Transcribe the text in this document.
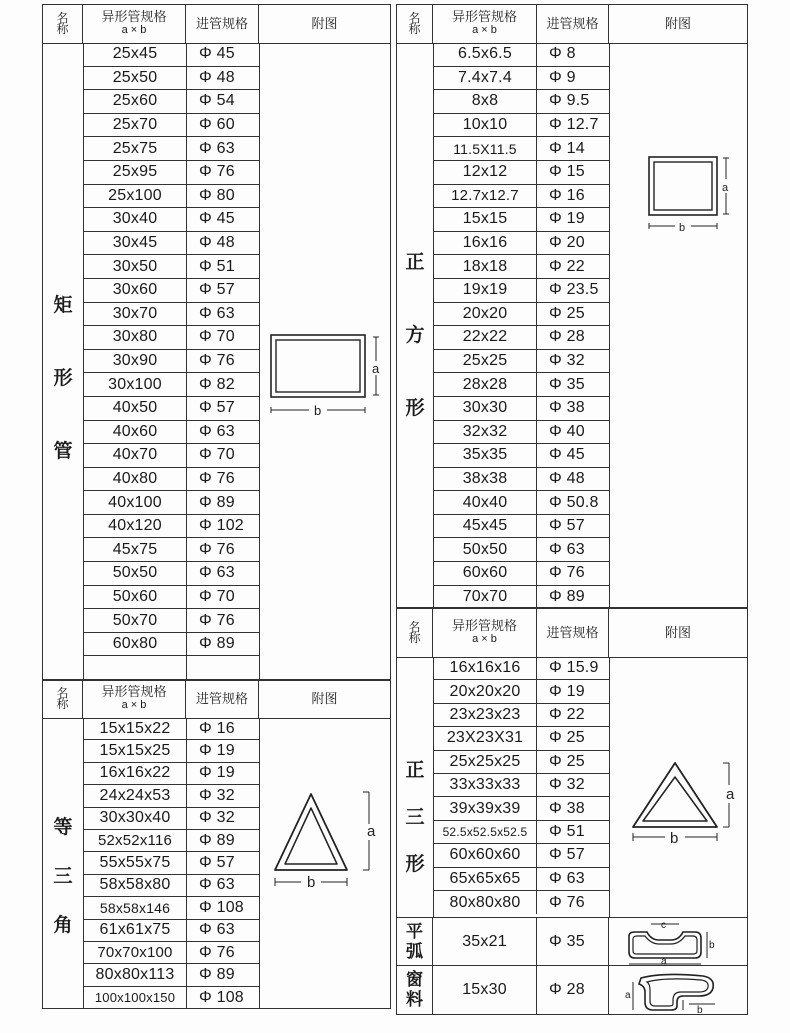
名
称
异形管规格
a × b	进管规格	附图
25x45	Φ 45
25x50	Φ 48
25x60	Φ 54
25x70	Φ 60
25x75	Φ 63
25x95	Φ 76
25x100	Φ 80
30x40	Φ 45
30x45	Φ 48
30x50	Φ 51
30x60	Φ 57
30x70	Φ 63
30x80	Φ 70
30x90	Φ 76
30x100	Φ 82
40x50	Φ 57
40x60	Φ 63
40x70	Φ 70
40x80	Φ 76
40x100	Φ 89
40x120	Φ 102
45x75	Φ 76
50x50	Φ 63
50x60	Φ 70
50x70	Φ 76
60x80	Φ 89
矩
形
管
a
b
名
称
异形管规格
a × b	进管规格	附图
6.5x6.5	Φ 8
7.4x7.4	Φ 9
8x8	Φ 9.5
10x10	Φ 12.7
11.5X11.5	Φ 14
12x12	Φ 15
12.7x12.7	Φ 16
15x15	Φ 19
16x16	Φ 20
18x18	Φ 22
19x19	Φ 23.5
20x20	Φ 25
22x22	Φ 28
25x25	Φ 32
28x28	Φ 35
30x30	Φ 38
32x32	Φ 40
35x35	Φ 45
38x38	Φ 48
40x40	Φ 50.8
45x45	Φ 57
50x50	Φ 63
60x60	Φ 76
70x70	Φ 89
正
方
形
a
b
名
称
异形管规格
a × b	进管规格	附图
15x15x22	Φ 16
15x15x25	Φ 19
16x16x22	Φ 19
24x24x53	Φ 32
30x30x40	Φ 32
52x52x116	Φ 89
55x55x75	Φ 57
58x58x80	Φ 63
58x58x146	Φ 108
61x61x75	Φ 63
70x70x100	Φ 76
80x80x113	Φ 89
100x100x150	Φ 108
等
三
角
a
b
名
称
异形管规格
a × b	进管规格	附图
16x16x16	Φ 15.9
20x20x20	Φ 19
23x23x23	Φ 22
23X23X31	Φ 25
25x25x25	Φ 25
33x33x33	Φ 32
39x39x39	Φ 38
52.5x52.5x52.5	Φ 51
60x60x60	Φ 57
65x65x65	Φ 63
80x80x80	Φ 76
正
三
形
a
b
平
弧
35x21	Φ 35
c
b
a
窗
料
15x30	Φ 28	a
b
